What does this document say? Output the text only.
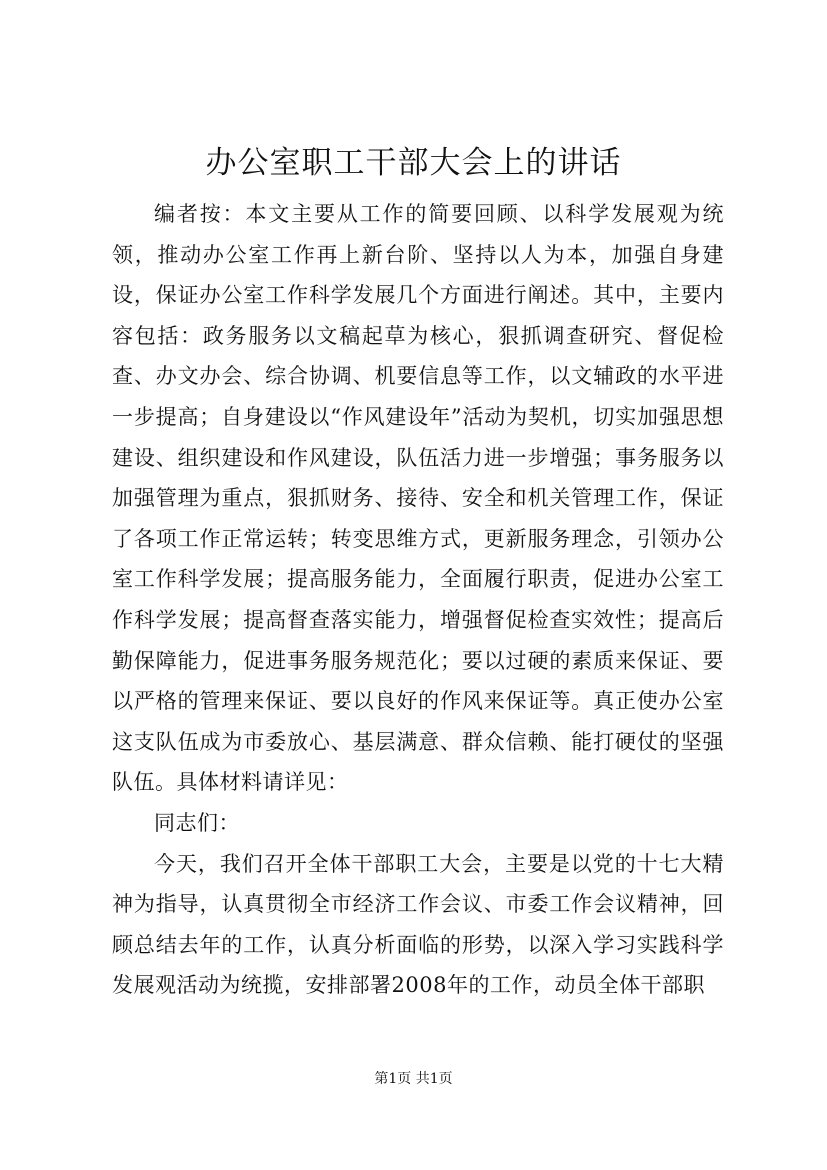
办公室职工干部大会上的讲话

编者按：本文主要从工作的简要回顾、以科学发展观为统领，推动办公室工作再上新台阶、坚持以人为本，加强自身建设，保证办公室工作科学发展几个方面进行阐述。其中，主要内容包括：政务服务以文稿起草为核心，狠抓调查研究、督促检查、办文办会、综合协调、机要信息等工作，以文辅政的水平进一步提高；自身建设以“作风建设年”活动为契机，切实加强思想建设、组织建设和作风建设，队伍活力进一步增强；事务服务以加强管理为重点，狠抓财务、接待、安全和机关管理工作，保证了各项工作正常运转；转变思维方式，更新服务理念，引领办公室工作科学发展；提高服务能力，全面履行职责，促进办公室工作科学发展；提高督查落实能力，增强督促检查实效性；提高后勤保障能力，促进事务服务规范化；要以过硬的素质来保证、要以严格的管理来保证、要以良好的作风来保证等。真正使办公室这支队伍成为市委放心、基层满意、群众信赖、能打硬仗的坚强队伍。具体材料请详见：

同志们：

今天，我们召开全体干部职工大会，主要是以党的十七大精神为指导，认真贯彻全市经济工作会议、市委工作会议精神，回顾总结去年的工作，认真分析面临的形势，以深入学习实践科学发展观活动为统揽，安排部署2008年的工作，动员全体干部职

第1页 共1页
